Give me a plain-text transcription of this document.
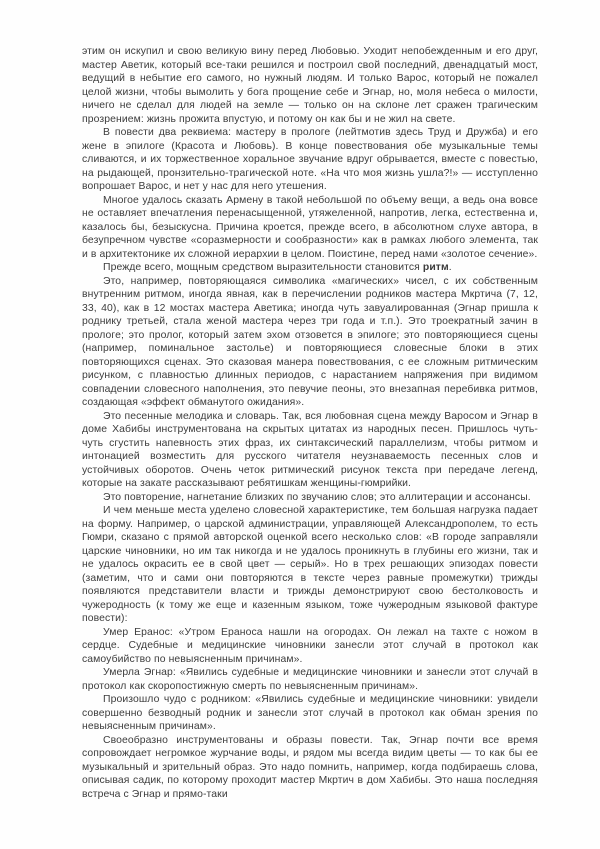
этим он искупил и свою великую вину перед Любовью. Уходит непобежденным и его друг, мастер Аветик, который все-таки решился и построил свой последний, двенадцатый мост, ведущий в небытие его самого, но нужный людям. И только Варос, который не пожалел целой жизни, чтобы вымолить у бога прощение себе и Эгнар, но, моля небеса о милости, ничего не сделал для людей на земле — только он на склоне лет сражен трагическим прозрением: жизнь прожита впустую, и потому он как бы и не жил на свете.

В повести два реквиема: мастеру в прологе (лейтмотив здесь Труд и Дружба) и его жене в эпилоге (Красота и Любовь). В конце повествования обе музыкальные темы сливаются, и их торжественное хоральное звучание вдруг обрывается, вместе с повестью, на рыдающей, пронзительно-трагической ноте. «На что моя жизнь ушла?!» — исступленно вопрошает Варос, и нет у нас для него утешения.

Многое удалось сказать Армену в такой небольшой по объему вещи, а ведь она вовсе не оставляет впечатления перенасыщенной, утяжеленной, напротив, легка, естественна и, казалось бы, безыскусна. Причина кроется, прежде всего, в абсолютном слухе автора, в безупречном чувстве «соразмерности и сообразности» как в рамках любого элемента, так и в архитектонике их сложной иерархии в целом. Поистине, перед нами «золотое сечение».

Прежде всего, мощным средством выразительности становится ритм.

Это, например, повторяющаяся символика «магических» чисел, с их собственным внутренним ритмом, иногда явная, как в перечислении родников мастера Мкртича (7, 12, 33, 40), как в 12 мостах мастера Аветика; иногда чуть завуалированная (Эгнар пришла к роднику третьей, стала женой мастера через три года и т.п.). Это троекратный зачин в прологе; это пролог, который затем эхом отзовется в эпилоге; это повторяющиеся сцены (например, поминальное застолье) и повторяющиеся словесные блоки в этих повторяющихся сценах. Это сказовая манера повествования, с ее сложным ритмическим рисунком, с плавностью длинных периодов, с нарастанием напряжения при видимом совпадении словесного наполнения, это певучие пеоны, это внезапная перебивка ритмов, создающая «эффект обманутого ожидания».

Это песенные мелодика и словарь. Так, вся любовная сцена между Варосом и Эгнар в доме Хабибы инструментована на скрытых цитатах из народных песен. Пришлось чуть-чуть сгустить напевность этих фраз, их синтаксический параллелизм, чтобы ритмом и интонацией возместить для русского читателя неузнаваемость песенных слов и устойчивых оборотов. Очень четок ритмический рисунок текста при передаче легенд, которые на закате рассказывают ребятишкам женщины-гюмрийки.

Это повторение, нагнетание близких по звучанию слов; это аллитерации и ассонансы.

И чем меньше места уделено словесной характеристике, тем большая нагрузка падает на форму. Например, о царской администрации, управляющей Александрополем, то есть Гюмри, сказано с прямой авторской оценкой всего несколько слов: «В городе заправляли царские чиновники, но им так никогда и не удалось проникнуть в глубины его жизни, так и не удалось окрасить ее в свой цвет — серый». Но в трех решающих эпизодах повести (заметим, что и сами они повторяются в тексте через равные промежутки) трижды появляются представители власти и трижды демонстрируют свою бестолковость и чужеродность (к тому же еще и казенным языком, тоже чужеродным языковой фактуре повести):

Умер Еранос: «Утром Ераноса нашли на огородах. Он лежал на тахте с ножом в сердце. Судебные и медицинские чиновники занесли этот случай в протокол как самоубийство по невыясненным причинам».

Умерла Эгнар: «Явились судебные и медицинские чиновники и занесли этот случай в протокол как скоропостижную смерть по невыясненным причинам».

Произошло чудо с родником: «Явились судебные и медицинские чиновники: увидели совершенно безводный родник и занесли этот случай в протокол как обман зрения по невыясненным причинам».

Своеобразно инструментованы и образы повести. Так, Эгнар почти все время сопровождает негромкое журчание воды, и рядом мы всегда видим цветы — то как бы ее музыкальный и зрительный образ. Это надо помнить, например, когда подбираешь слова, описывая садик, по которому проходит мастер Мкртич в дом Хабибы. Это наша последняя встреча с Эгнар и прямо-таки
